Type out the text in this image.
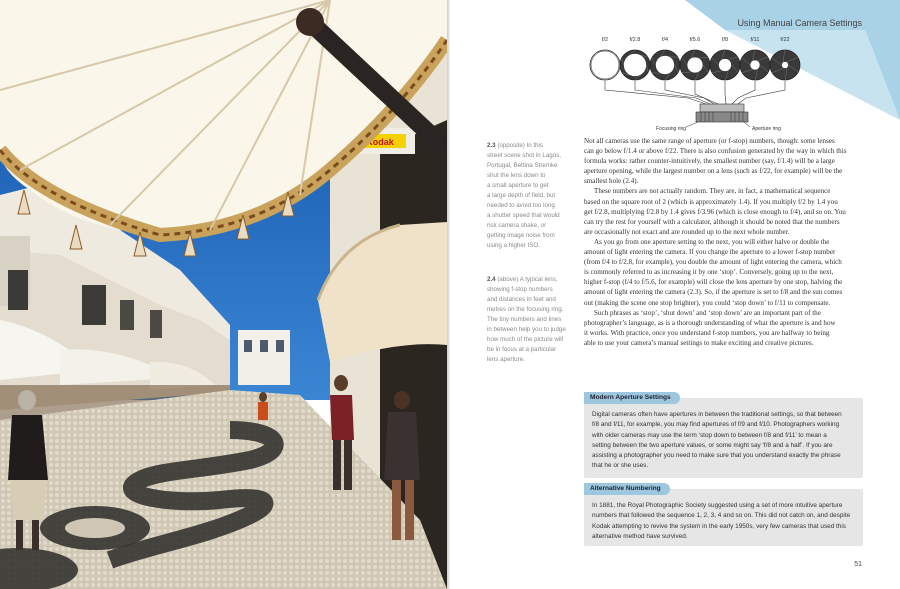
Kodak
Using Manual Camera Settings
f/2	f/2.8	f/4	f/5.6	f/8	f/11	f/22
Focusing ring	Aperture ring
2.3 (opposite) In this
street scene shot in Lagos,
Portugal, Bettina Stremke
shut the lens down to
a small aperture to get
a large depth of field, but
needed to avoid too long
a shutter speed that would
risk camera shake, or
getting image noise from
using a higher ISO.
2.4 (above) A typical lens,
showing f-stop numbers
and distances in feet and
metres on the focusing ring.
The tiny numbers and lines
in between help you to judge
how much of the picture will
be in focus at a particular
lens aperture.

Not all cameras use the same range of aperture (or f-stop) numbers, though: some lenses
can go below f/1.4 or above f/22. There is also confusion generated by the way in which this
formula works: rather counter-intuitively, the smallest number (say, f/1.4) will be a large
aperture opening, while the largest number on a lens (such as f/22, for example) will be the
smallest hole (2.4).

These numbers are not actually random. They are, in fact, a mathematical sequence
based on the square root of 2 (which is approximately 1.4). If you multiply f/2 by 1.4 you
get f/2.8, multiplying f/2.8 by 1.4 gives f/3.96 (which is close enough to f/4), and so on. You
can try the rest for yourself with a calculator, although it should be noted that the numbers
are occasionally not exact and are rounded up to the next whole number.

As you go from one aperture setting to the next, you will either halve or double the
amount of light entering the camera. If you change the aperture to a lower f-stop number
(from f/4 to f/2.8, for example), you double the amount of light entering the camera, which
is commonly referred to as increasing it by one ‘stop’. Conversely, going up to the next,
higher f-stop (f/4 to f/5.6, for example) will close the lens aperture by one stop, halving the
amount of light entering the camera (2.3). So, if the aperture is set to f/8 and the sun comes
out (making the scene one stop brighter), you could ‘stop down’ to f/11 to compensate.

Such phrases as ‘stop’, ‘shut down’ and ‘stop down’ are an important part of the
photographer’s language, as is a thorough understanding of what the aperture is and how
it works. With practice, once you understand f-stop numbers, you are halfway to being
able to use your camera’s manual settings to make exciting and creative pictures.

Modern Aperture Settings
Digital cameras often have apertures in between the traditional settings, so that between
f/8 and f/11, for example, you may find apertures of f/9 and f/10. Photographers working
with older cameras may use the term ‘stop down to between f/8 and f/11’ to mean a
setting between the two aperture values, or some might say ‘f/8 and a half’. If you are
assisting a photographer you need to make sure that you understand exactly the phrase
that he or she uses.
Alternative Numbering
In 1881, the Royal Photographic Society suggested using a set of more intuitive aperture
numbers that followed the sequence 1, 2, 3, 4 and so on. This did not catch on, and despite
Kodak attempting to revive the system in the early 1950s, very few cameras that used this
alternative method have survived.
51
